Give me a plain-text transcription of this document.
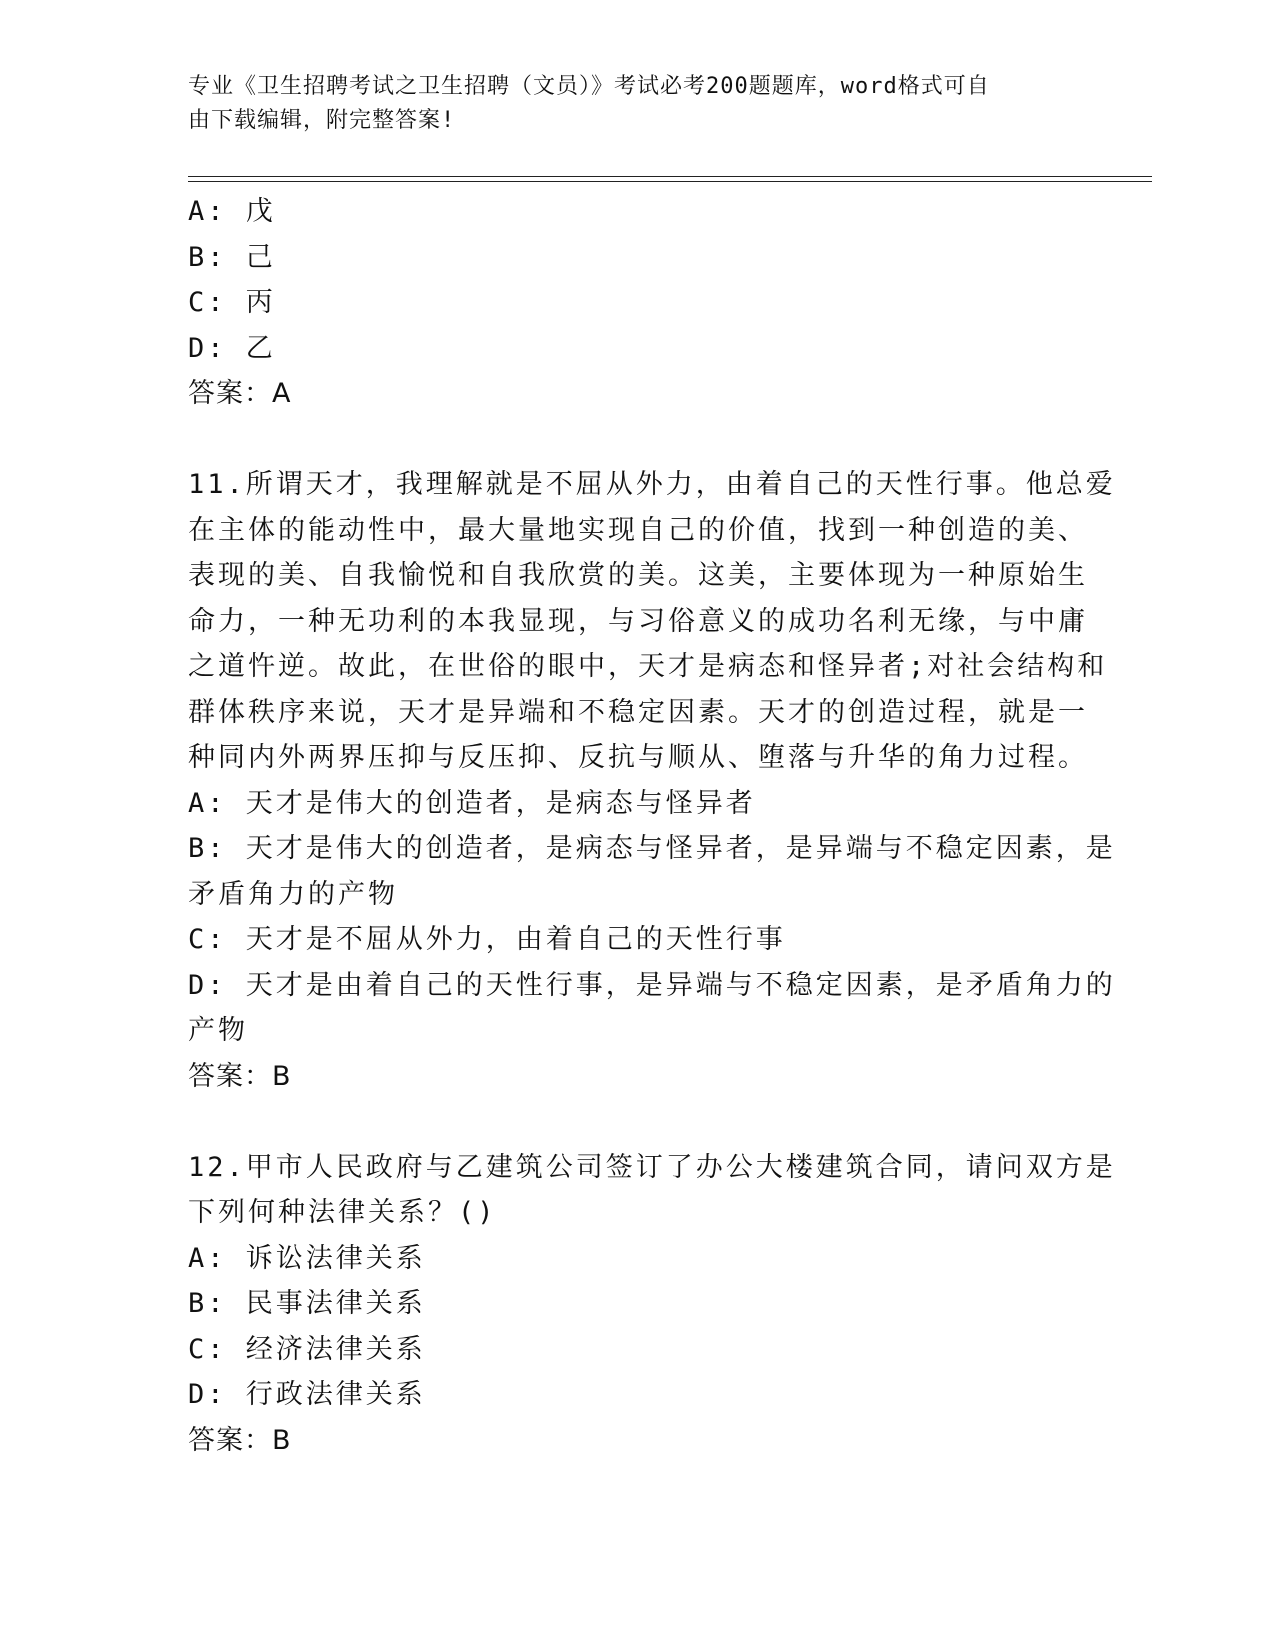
专业《卫生招聘考试之卫生招聘（文员）》考试必考200题题库，word格式可自
由下载编辑，附完整答案!
A: 戊
B: 己
C: 丙
D: 乙
答案：A
11.所谓天才，我理解就是不屈从外力，由着自己的天性行事。他总爱
在主体的能动性中，最大量地实现自己的价值，找到一种创造的美、
表现的美、自我愉悦和自我欣赏的美。这美，主要体现为一种原始生
命力，一种无功利的本我显现，与习俗意义的成功名利无缘，与中庸
之道忤逆。故此，在世俗的眼中，天才是病态和怪异者;对社会结构和
群体秩序来说，天才是异端和不稳定因素。天才的创造过程，就是一
种同内外两界压抑与反压抑、反抗与顺从、堕落与升华的角力过程。
A: 天才是伟大的创造者，是病态与怪异者
B: 天才是伟大的创造者，是病态与怪异者，是异端与不稳定因素，是
矛盾角力的产物
C: 天才是不屈从外力，由着自己的天性行事
D: 天才是由着自己的天性行事，是异端与不稳定因素，是矛盾角力的
产物
答案：B
12.甲市人民政府与乙建筑公司签订了办公大楼建筑合同，请问双方是
下列何种法律关系？()
A: 诉讼法律关系
B: 民事法律关系
C: 经济法律关系
D: 行政法律关系
答案：B
